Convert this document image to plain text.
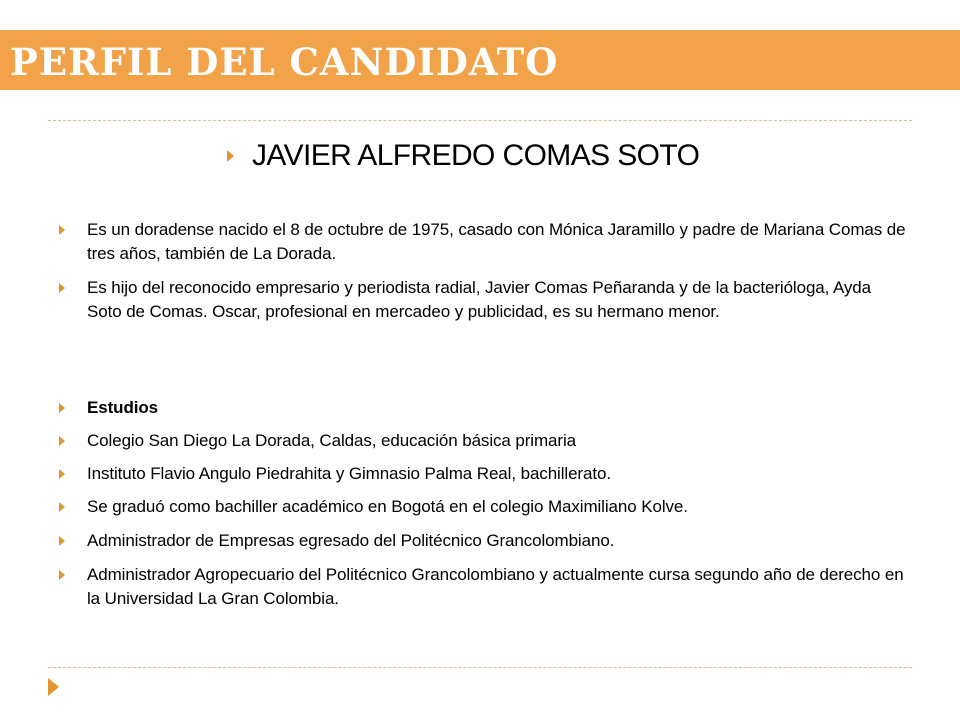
PERFIL DEL CANDIDATO
JAVIER ALFREDO COMAS SOTO
Es un doradense nacido el 8 de octubre de 1975, casado con Mónica Jaramillo y padre de Mariana Comas de tres años, también de La Dorada.
Es hijo del reconocido empresario y periodista radial, Javier Comas Peñaranda y de la bacterióloga, Ayda Soto de Comas. Oscar, profesional en mercadeo y publicidad, es su hermano menor.
Estudios
Colegio San Diego La Dorada, Caldas, educación básica primaria
Instituto Flavio Angulo Piedrahita y Gimnasio Palma Real, bachillerato.
Se graduó como bachiller académico en Bogotá en el colegio Maximiliano Kolve.
Administrador de Empresas egresado del Politécnico Grancolombiano.
Administrador Agropecuario del Politécnico Grancolombiano y actualmente cursa segundo año de derecho en la Universidad La Gran Colombia.
